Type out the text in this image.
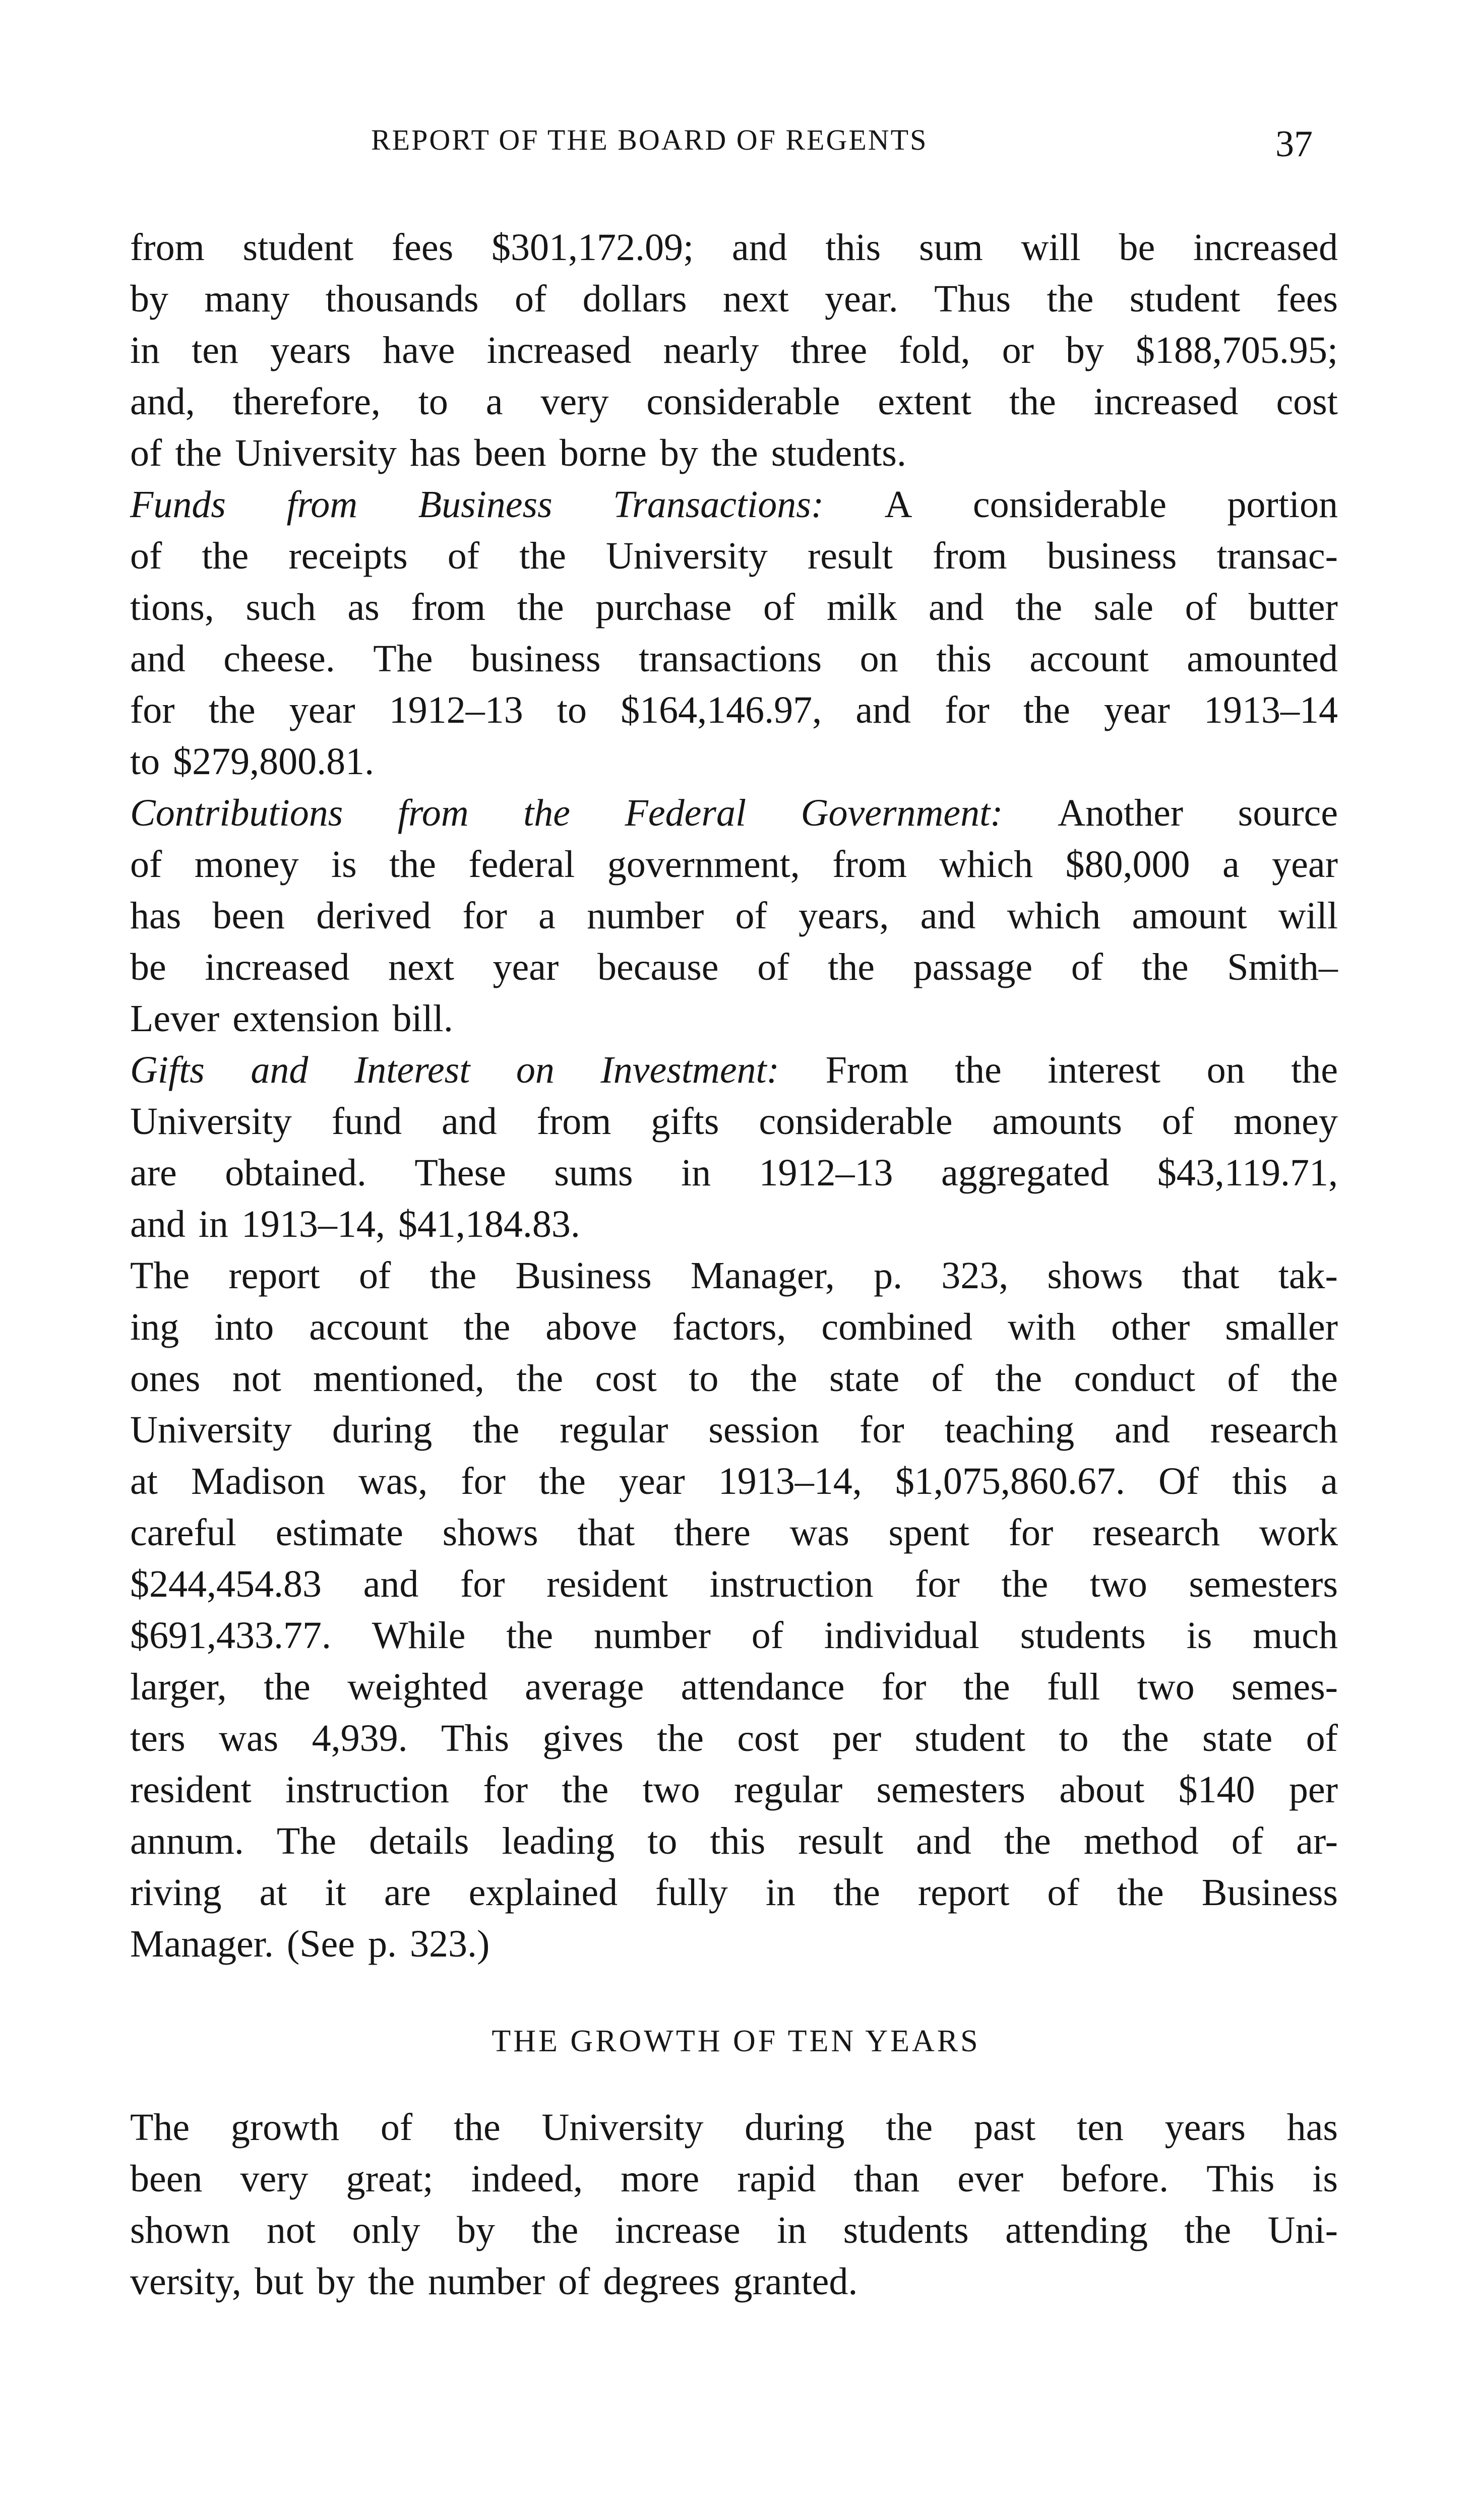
REPORT OF THE BOARD OF REGENTS	37
from student fees $301,172.09; and this sum will be increased
by many thousands of dollars next year. Thus the student fees
in ten years have increased nearly three fold, or by $188,705.95;
and, therefore, to a very considerable extent the increased cost
of the University has been borne by the students.
Funds from Business Transactions: A considerable portion
of the receipts of the University result from business transac-
tions, such as from the purchase of milk and the sale of butter
and cheese. The business transactions on this account amounted
for the year 1912–13 to $164,146.97, and for the year 1913–14
to $279,800.81.
Contributions from the Federal Government: Another source
of money is the federal government, from which $80,000 a year
has been derived for a number of years, and which amount will
be increased next year because of the passage of the Smith–
Lever extension bill.
Gifts and Interest on Investment: From the interest on the
University fund and from gifts considerable amounts of money
are obtained. These sums in 1912–13 aggregated $43,119.71,
and in 1913–14, $41,184.83.
The report of the Business Manager, p. 323, shows that tak-
ing into account the above factors, combined with other smaller
ones not mentioned, the cost to the state of the conduct of the
University during the regular session for teaching and research
at Madison was, for the year 1913–14, $1,075,860.67. Of this a
careful estimate shows that there was spent for research work
$244,454.83 and for resident instruction for the two semesters
$691,433.77. While the number of individual students is much
larger, the weighted average attendance for the full two semes-
ters was 4,939. This gives the cost per student to the state of
resident instruction for the two regular semesters about $140 per
annum. The details leading to this result and the method of ar-
riving at it are explained fully in the report of the Business
Manager. (See p. 323.)
THE GROWTH OF TEN YEARS
The growth of the University during the past ten years has
been very great; indeed, more rapid than ever before. This is
shown not only by the increase in students attending the Uni-
versity, but by the number of degrees granted.
